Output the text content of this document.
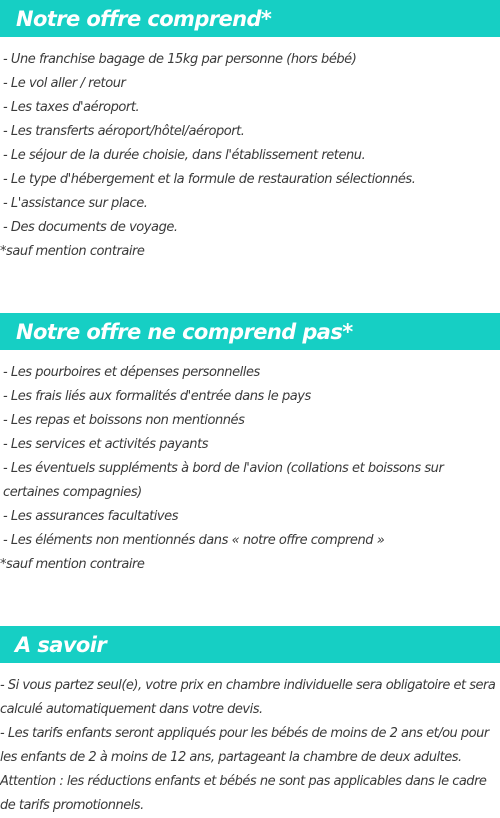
Notre offre comprend*
- Une franchise bagage de 15kg par personne (hors bébé)
- Le vol aller / retour
- Les taxes d'aéroport.
- Les transferts aéroport/hôtel/aéroport.
- Le séjour de la durée choisie, dans l'établissement retenu.
- Le type d'hébergement et la formule de restauration sélectionnés.
- L'assistance sur place.
- Des documents de voyage.
*sauf mention contraire
Notre offre ne comprend pas*
- Les pourboires et dépenses personnelles
- Les frais liés aux formalités d'entrée dans le pays
- Les repas et boissons non mentionnés
- Les services et activités payants
- Les éventuels suppléments à bord de l'avion (collations et boissons sur certaines compagnies)
- Les assurances facultatives
- Les éléments non mentionnés dans « notre offre comprend »
*sauf mention contraire
A savoir

- Si vous partez seul(e), votre prix en chambre individuelle sera obligatoire et sera calculé automatiquement dans votre devis.

- Les tarifs enfants seront appliqués pour les bébés de moins de 2 ans et/ou pour les enfants de 2 à moins de 12 ans, partageant la chambre de deux adultes.

Attention : les réductions enfants et bébés ne sont pas applicables dans le cadre de tarifs promotionnels.
